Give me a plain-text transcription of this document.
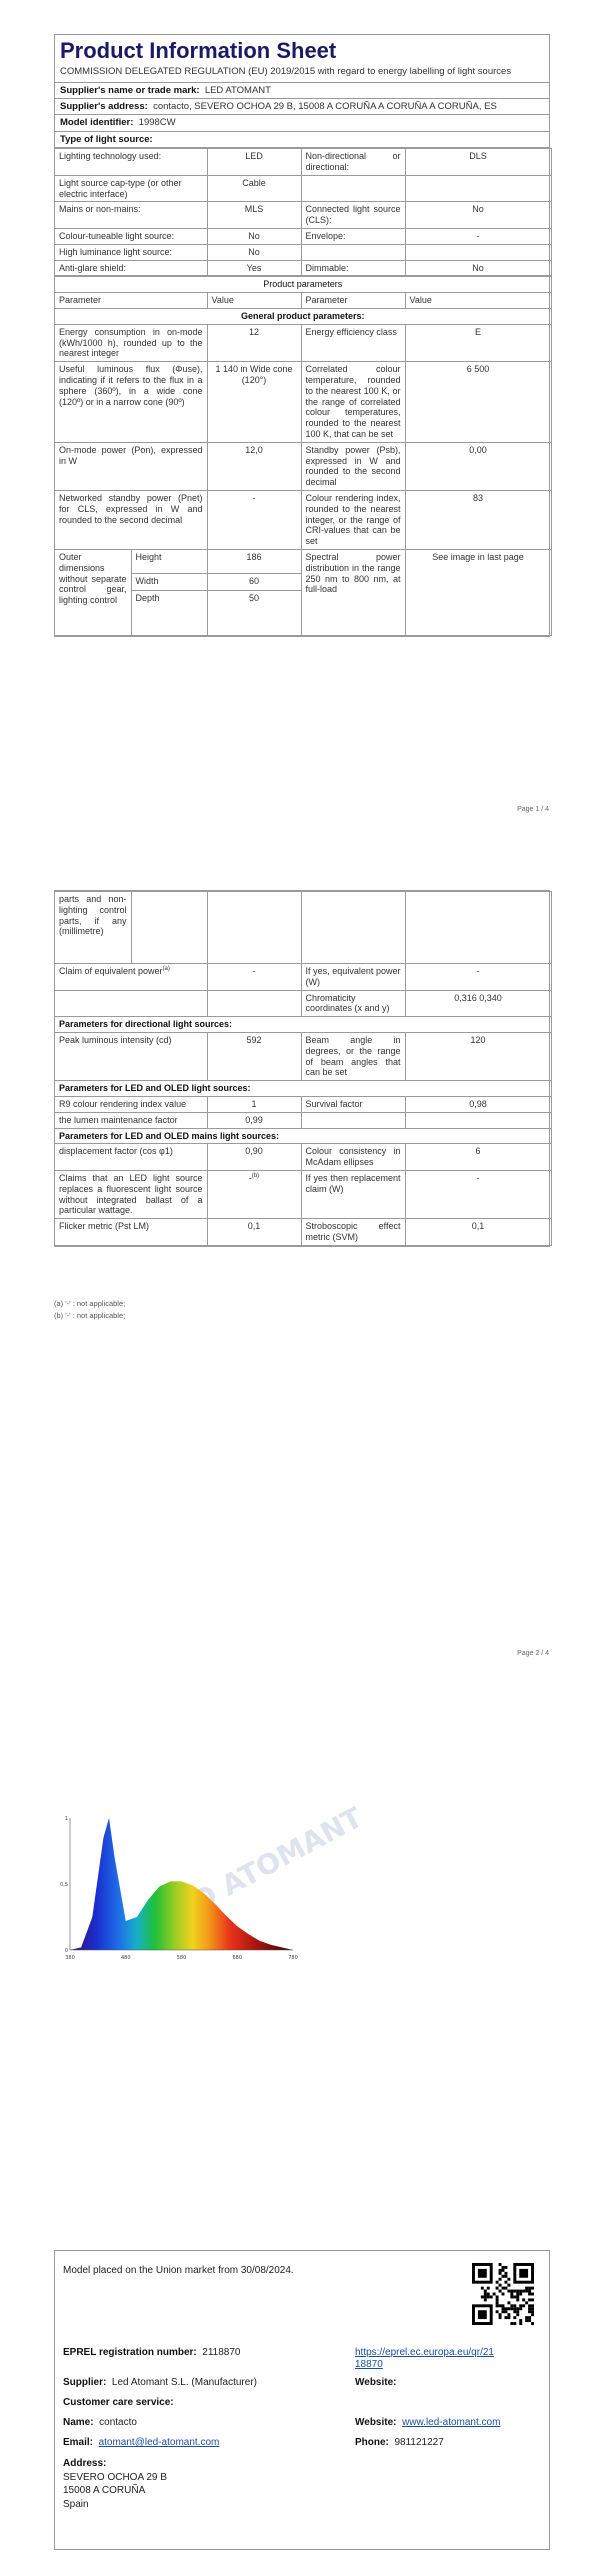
Product Information Sheet
COMMISSION DELEGATED REGULATION (EU) 2019/2015 with regard to energy labelling of light sources
Supplier's name or trade mark: LED ATOMANT
Supplier's address: contacto, SEVERO OCHOA 29 B, 15008 A CORUÑA A CORUÑA A CORUÑA, ES
Model identifier: 1998CW
Type of light source:
Lighting technology used:	LED	Non-directional or directional:	DLS
Light source cap-type (or other electric interface)	Cable		
Mains or non-mains:	MLS	Connected light source (CLS):	No
Colour-tuneable light source:	No	Envelope:	-
High luminance light source:	No		
Anti-glare shield:	Yes	Dimmable:	No
Product parameters				
Parameter		Value	Parameter	Value
General product parameters:				
Energy consumption in on-mode (kWh/1000 h), rounded up to the nearest integer		12	Energy efficiency class	E
Useful luminous flux (Φuse), indicating if it refers to the flux in a sphere (360º), in a wide cone (120º) or in a narrow cone (90º)		1 140 in Wide cone (120°)	Correlated colour temperature, rounded to the nearest 100 K, or the range of correlated colour temperatures, rounded to the nearest 100 K, that can be set	6 500
On-mode power (Pon), expressed in W		12,0	Standby power (Psb), expressed in W and rounded to the second decimal	0,00
Networked standby power (Pnet) for CLS, expressed in W and rounded to the second decimal		-	Colour rendering index, rounded to the nearest integer, or the range of CRI-values that can be set	83
Outer dimensions without separate control gear, lighting control	Height	186	Spectral power distribution in the range 250 nm to 800 nm, at full-load	See image in last page
	Width	60		
	Depth	50		
Page 1 / 4
parts and non-lighting control parts, if any (millimetre)				
Claim of equivalent power$^{(a)}$		-	If yes, equivalent power (W)	-
			Chromaticity coordinates (x and y)	0,316 0,340
Parameters for directional light sources:				
Peak luminous intensity (cd)		592	Beam angle in degrees, or the range of beam angles that can be set	120
Parameters for LED and OLED light sources:				
R9 colour rendering index value		1	Survival factor	0,98
the lumen maintenance factor		0,99		
Parameters for LED and OLED mains light sources:				
displacement factor (cos φ1)		0,90	Colour consistency in McAdam ellipses	6
Claims that an LED light source replaces a fluorescent light source without integrated ballast of a particular wattage.		-$^{(b)}$	If yes then replacement claim (W)	-
Flicker metric (Pst LM)		0,1	Stroboscopic effect metric (SVM)	0,1
(a) '-' : not applicable;
(b) '-' : not applicable;
Page 2 / 4
LED ATOMANT
380	480	580	680	780
0
0,5
1
Model placed on the Union market from 30/08/2024.
EPREL registration number: 2118870	https://eprel.ec.europa.eu/qr/21
18870
Supplier: Led Atomant S.L. (Manufacturer)	Website:
Customer care service:
Name: contacto	Website: www.led-atomant.com
Email: atomant@led-atomant.com	Phone: 981121227
Address:
SEVERO OCHOA 29 B
15008 A CORUÑA
Spain
